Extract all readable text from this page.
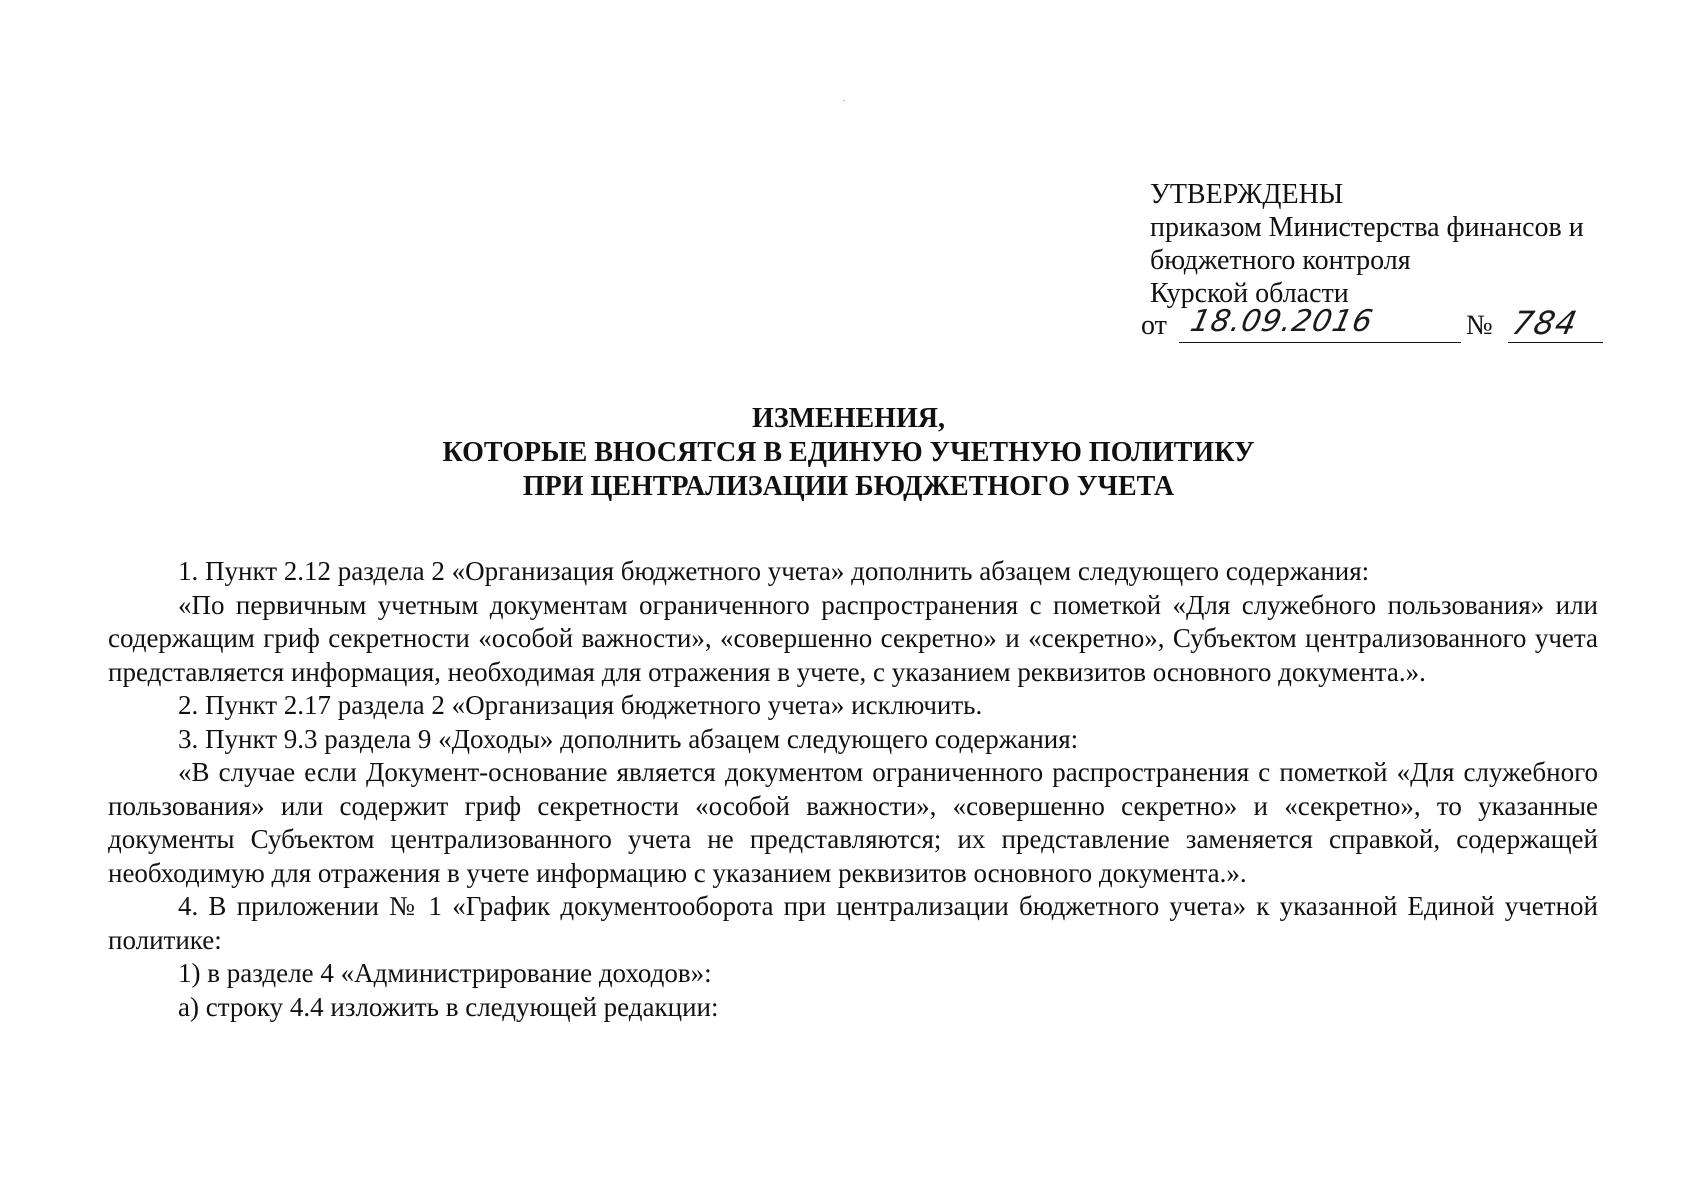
УТВЕРЖДЕНЫ
приказом Министерства финансов и
бюджетного контроля
Курской области
от 18.09.2016	№ 784
ИЗМЕНЕНИЯ,
КОТОРЫЕ ВНОСЯТСЯ В ЕДИНУЮ УЧЕТНУЮ ПОЛИТИКУ
ПРИ ЦЕНТРАЛИЗАЦИИ БЮДЖЕТНОГО УЧЕТА

1. Пункт 2.12 раздела 2 «Организация бюджетного учета» дополнить абзацем следующего содержания:

«По первичным учетным документам ограниченного распространения с пометкой «Для служебного пользования» или содержащим гриф секретности «особой важности», «совершенно секретно» и «секретно», Субъектом централизованного учета представляется информация, необходимая для отражения в учете, с указанием реквизитов основного документа.».

2. Пункт 2.17 раздела 2 «Организация бюджетного учета» исключить.

3. Пункт 9.3 раздела 9 «Доходы» дополнить абзацем следующего содержания:

«В случае если Документ-основание является документом ограниченного распространения с пометкой «Для служебного пользования» или содержит гриф секретности «особой важности», «совершенно секретно» и «секретно», то указанные документы Субъектом централизованного учета не представляются; их представление заменяется справкой, содержащей необходимую для отражения в учете информацию с указанием реквизитов основного документа.».

4. В приложении № 1 «График документооборота при централизации бюджетного учета» к указанной Единой учетной политике:

1) в разделе 4 «Администрирование доходов»:

а) строку 4.4 изложить в следующей редакции:
